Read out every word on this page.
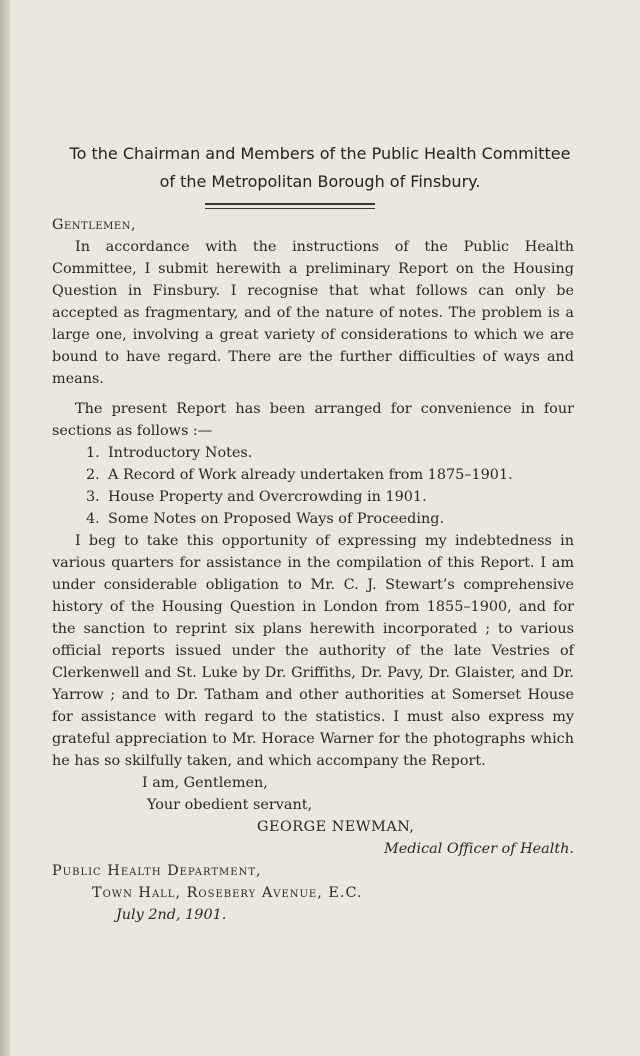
To the Chairman and Members of the Public Health Committee
of the Metropolitan Borough of Finsbury.

Gentlemen,

In accordance with the instructions of the Public Health Committee, I submit herewith a preliminary Report on the Housing Question in Finsbury. I recognise that what follows can only be accepted as fragmentary, and of the nature of notes. The problem is a large one, involving a great variety of considerations to which we are bound to have regard. There are the further difficulties of ways and means.

The present Report has been arranged for convenience in four sections as follows :—

1. Introductory Notes.
2. A Record of Work already undertaken from 1875–1901.
3. House Property and Overcrowding in 1901.
4. Some Notes on Proposed Ways of Proceeding.

I beg to take this opportunity of expressing my indebtedness in various quarters for assistance in the compilation of this Report. I am under considerable obligation to Mr. C. J. Stewart’s comprehensive history of the Housing Question in London from 1855–1900, and for the sanction to reprint six plans herewith incorporated ; to various official reports issued under the authority of the late Vestries of Clerkenwell and St. Luke by Dr. Griffiths, Dr. Pavy, Dr. Glaister, and Dr. Yarrow ; and to Dr. Tatham and other authorities at Somerset House for assistance with regard to the statistics. I must also express my grateful appreciation to Mr. Horace Warner for the photographs which he has so skilfully taken, and which accompany the Report.

I am, Gentlemen,
Your obedient servant,
GEORGE NEWMAN,
Medical Officer of Health.
Public Health Department,
Town Hall, Rosebery Avenue, E.C.
July 2nd, 1901.
